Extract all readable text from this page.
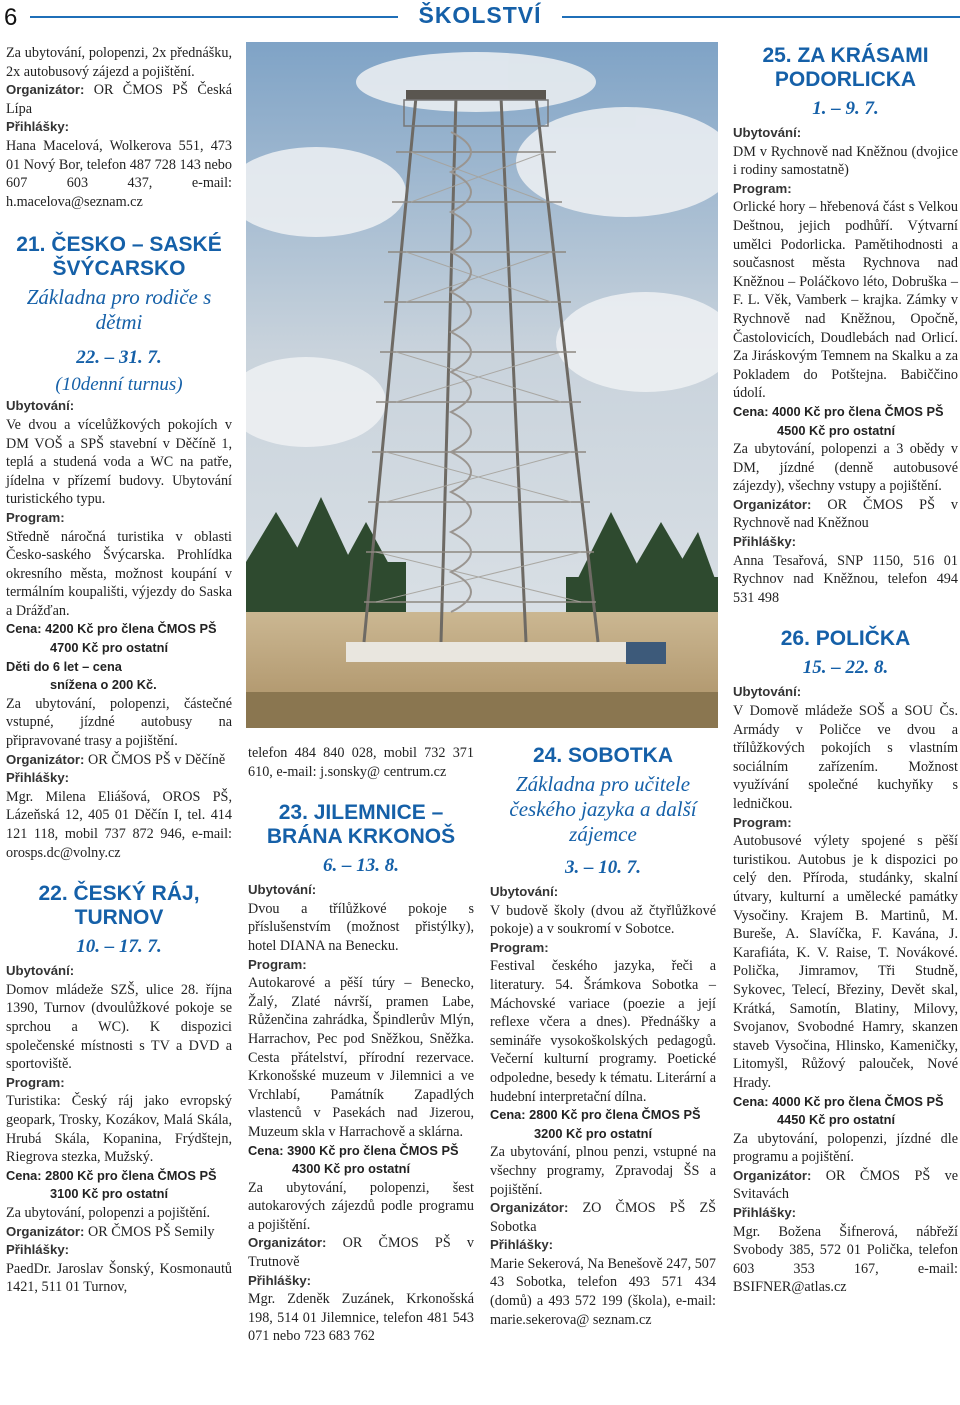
6	ŠKOLSTVÍ

Za ubytování, polopenzi, 2x přednášku, 2x autobusový zájezd a pojištění.

Organizátor: OR ČMOS PŠ Česká Lípa

Přihlášky:

Hana Macelová, Wolkerova 551, 473 01 Nový Bor, telefon 487 728 143 nebo 607 603 437, e-mail: h.macelova@seznam.cz

21. ČESKO – SASKÉ ŠVÝCARSKO
Základna pro rodiče s dětmi
22. – 31. 7.
(10denní turnus)

Ubytování:

Ve dvou a vícelůžkových pokojích v DM VOŠ a SPŠ stavební v Děčíně 1, teplá a studená voda a WC na patře, jídelna v přízemí budovy. Ubytování turistického typu.

Program:

Středně náročná turistika v oblasti Česko-saského Švýcarska. Prohlídka okresního města, možnost koupání v termálním koupališti, výjezdy do Saska a Drážďan.

Cena: 4200 Kč pro člena ČMOS PŠ

4700 Kč pro ostatní

Děti do 6 let – cena

snížena o 200 Kč.

Za ubytování, polopenzi, částečné vstupné, jízdné autobusy na připravované trasy a pojištění.

Organizátor: OR ČMOS PŠ v Děčíně

Přihlášky:

Mgr. Milena Eliášová, OROS PŠ, Lázeňská 12, 405 01 Děčín I, tel. 414 121 118, mobil 737 872 946, e-mail: orosps.dc@volny.cz

22. ČESKÝ RÁJ, TURNOV
10. – 17. 7.

Ubytování:

Domov mládeže SZŠ, ulice 28. října 1390, Turnov (dvoulůžkové pokoje se sprchou a WC). K dispozici společenské místnosti s TV a DVD a sportoviště.

Program:

Turistika: Český ráj jako evropský geopark, Trosky, Kozákov, Malá Skála, Hrubá Skála, Kopanina, Frýdštejn, Riegrova stezka, Mužský.

Cena: 2800 Kč pro člena ČMOS PŠ

3100 Kč pro ostatní

Za ubytování, polopenzi a pojištění.

Organizátor: OR ČMOS PŠ Semily

Přihlášky:

PaedDr. Jaroslav Šonský, Kosmonautů 1421, 511 01 Turnov,

telefon 484 840 028, mobil 732 371 610, e-mail: j.sonsky@ centrum.cz

23. JILEMNICE – BRÁNA KRKONOŠ
6. – 13. 8.

Ubytování:

Dvou a třílůžkové pokoje s příslušenstvím (možnost přistýlky), hotel DIANA na Benecku.

Program:

Autokarové a pěší túry – Benecko, Žalý, Zlaté návrší, pramen Labe, Růženčina zahrádka, Špindlerův Mlýn, Harrachov, Pec pod Sněžkou, Sněžka. Cesta přátelství, přírodní rezervace. Krkonošské muzeum v Jilemnici a ve Vrchlabí, Památník Zapadlých vlastenců v Pasekách nad Jizerou, Muzeum skla v Harrachově a sklárna.

Cena: 3900 Kč pro člena ČMOS PŠ

4300 Kč pro ostatní

Za ubytování, polopenzi, šest autokarových zájezdů podle programu a pojištění.

Organizátor: OR ČMOS PŠ v Trutnově

Přihlášky:

Mgr. Zdeněk Zuzánek, Krkonošská 198, 514 01 Jilemnice, telefon 481 543 071 nebo 723 683 762

24. SOBOTKA
Základna pro učitele českého jazyka a další zájemce
3. – 10. 7.

Ubytování:

V budově školy (dvou až čtyřlůžkové pokoje) a v soukromí v Sobotce.

Program:

Festival českého jazyka, řeči a literatury. 54. Šrámkova Sobotka – Máchovské variace (poezie a její reflexe včera a dnes). Přednášky a semináře vysokoškolských pedagogů. Večerní kulturní programy. Poetické odpoledne, besedy k tématu. Literární a hudební interpretační dílna.

Cena: 2800 Kč pro člena ČMOS PŠ

3200 Kč pro ostatní

Za ubytování, plnou penzi, vstupné na všechny programy, Zpravodaj ŠS a pojištění.

Organizátor: ZO ČMOS PŠ ZŠ Sobotka

Přihlášky:

Marie Sekerová, Na Benešově 247, 507 43 Sobotka, telefon 493 571 434 (domů) a 493 572 199 (škola), e-mail: marie.sekerova@ seznam.cz

25. ZA KRÁSAMI PODORLICKA
1. – 9. 7.

Ubytování:

DM v Rychnově nad Kněžnou (dvojice i rodiny samostatně)

Program:

Orlické hory – hřebenová část s Velkou Deštnou, jejich podhůří. Výtvarní umělci Podorlicka. Pamětihodnosti a současnost města Rychnova nad Kněžnou – Poláčkovo léto, Dobruška – F. L. Věk, Vamberk – krajka. Zámky v Rychnově nad Kněžnou, Opočně, Častolovicích, Doudlebách nad Orlicí. Za Jiráskovým Temnem na Skalku a za Pokladem do Potštejna. Babiččino údolí.

Cena: 4000 Kč pro člena ČMOS PŠ

4500 Kč pro ostatní

Za ubytování, polopenzi a 3 obědy v DM, jízdné (denně autobusové zájezdy), všechny vstupy a pojištění.

Organizátor: OR ČMOS PŠ v Rychnově nad Kněžnou

Přihlášky:

Anna Tesařová, SNP 1150, 516 01 Rychnov nad Kněžnou, telefon 494 531 498

26. POLIČKA
15. – 22. 8.

Ubytování:

V Domově mládeže SOŠ a SOU Čs. Armády v Poličce ve dvou a třílůžkových pokojích s vlastním sociálním zařízením. Možnost využívání společné kuchyňky s ledničkou.

Program:

Autobusové výlety spojené s pěší turistikou. Autobus je k dispozici po celý den. Příroda, studánky, skalní útvary, kulturní a umělecké památky Vysočiny. Krajem B. Martinů, M. Bureše, A. Slavíčka, F. Kavána, J. Karafiáta, K. V. Raise, T. Novákové. Polička, Jimramov, Tři Studně, Sykovec, Telecí, Březiny, Devět skal, Krátká, Samotín, Blatiny, Milovy, Svojanov, Svobodné Hamry, skanzen staveb Vysočina, Hlinsko, Kameničky, Litomyšl, Růžový palouček, Nové Hrady.

Cena: 4000 Kč pro člena ČMOS PŠ

4450 Kč pro ostatní

Za ubytování, polopenzi, jízdné dle programu a pojištění.

Organizátor: OR ČMOS PŠ ve Svitavách

Přihlášky:

Mgr. Božena Šifnerová, nábřeží Svobody 385, 572 01 Polička, telefon 603 353 167, e-mail: BSIFNER@atlas.cz
